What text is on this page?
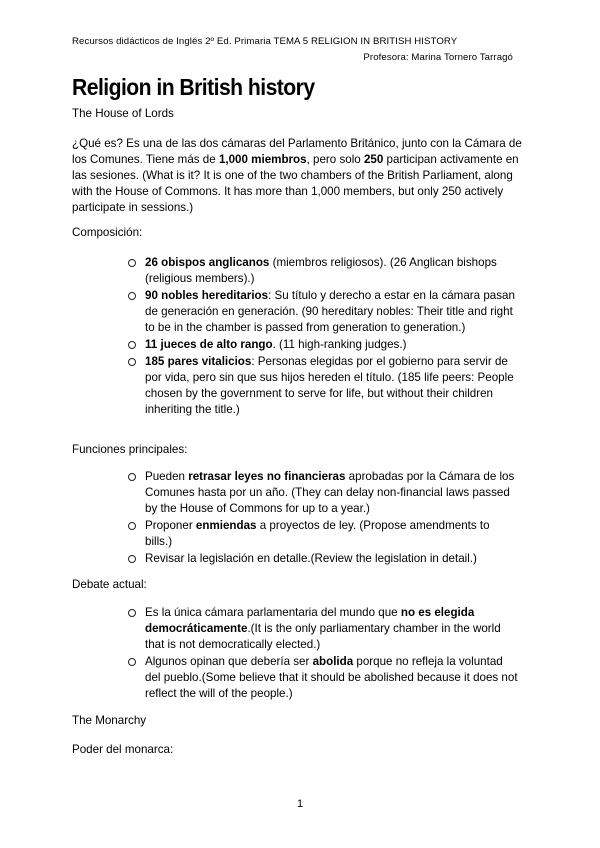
Recursos didácticos de Inglés 2º Ed. Primaria TEMA 5 RELIGION IN BRITISH HISTORY
Profesora: Marina Tornero Tarragó
Religion in British history
The House of Lords

¿Qué es? Es una de las dos cámaras del Parlamento Británico, junto con la Cámara de los Comunes. Tiene más de 1,000 miembros, pero solo 250 participan activamente en las sesiones. (What is it? It is one of the two chambers of the British Parliament, along with the House of Commons. It has more than 1,000 members, but only 250 actively participate in sessions.)

Composición:
26 obispos anglicanos (miembros religiosos). (26 Anglican bishops (religious members).)
90 nobles hereditarios: Su título y derecho a estar en la cámara pasan de generación en generación. (90 hereditary nobles: Their title and right to be in the chamber is passed from generation to generation.)
11 jueces de alto rango. (11 high-ranking judges.)
185 pares vitalicios: Personas elegidas por el gobierno para servir de por vida, pero sin que sus hijos hereden el título. (185 life peers: People chosen by the government to serve for life, but without their children inheriting the title.)
Funciones principales:
Pueden retrasar leyes no financieras aprobadas por la Cámara de los Comunes hasta por un año. (They can delay non-financial laws passed by the House of Commons for up to a year.)
Proponer enmiendas a proyectos de ley. (Propose amendments to bills.)
Revisar la legislación en detalle.(Review the legislation in detail.)
Debate actual:
Es la única cámara parlamentaria del mundo que no es elegida democráticamente.(It is the only parliamentary chamber in the world that is not democratically elected.)
Algunos opinan que debería ser abolida porque no refleja la voluntad del pueblo.(Some believe that it should be abolished because it does not reflect the will of the people.)
The Monarchy
Poder del monarca:
1
